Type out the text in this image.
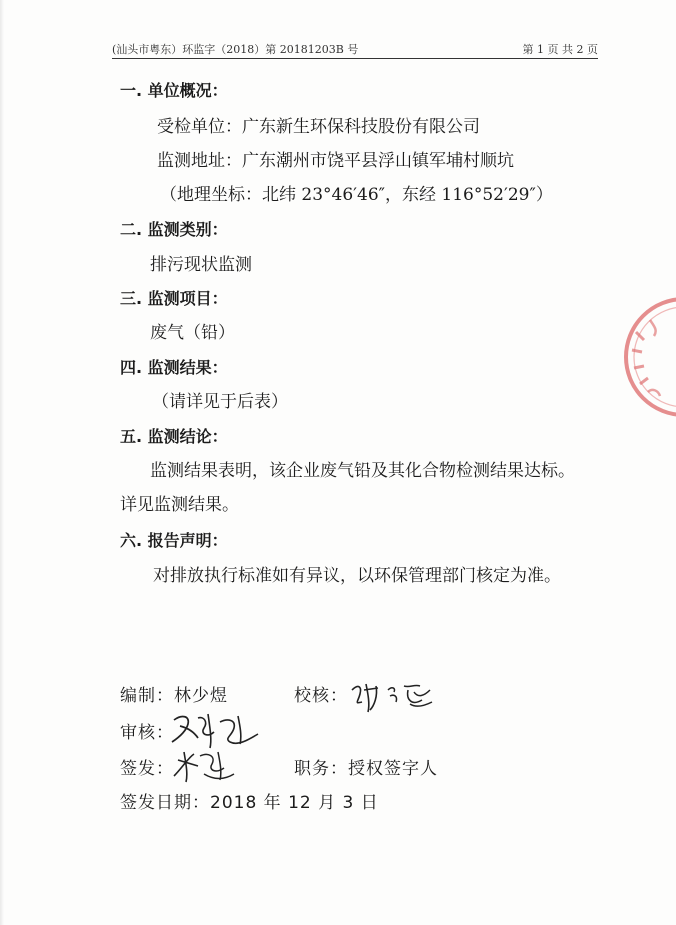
(汕头市粤东）环监字（2018）第 20181203B 号	第 1 页 共 2 页
一. 单位概况：
受检单位：广东新生环保科技股份有限公司
监测地址：广东潮州市饶平县浮山镇军埔村顺坑
（地理坐标：北纬 23°46′46″，东经 116°52′29″）
二. 监测类别：
排污现状监测
三. 监测项目：
废气（铅）
四. 监测结果：
（请详见于后表）
五. 监测结论：
监测结果表明，该企业废气铅及其化合物检测结果达标。
详见监测结果。
六. 报告声明：
对排放执行标准如有异议，以环保管理部门核定为准。
编制：林少煜	校核：
审核：
签发：	职务：授权签字人
签发日期：2018 年 12 月 3 日
